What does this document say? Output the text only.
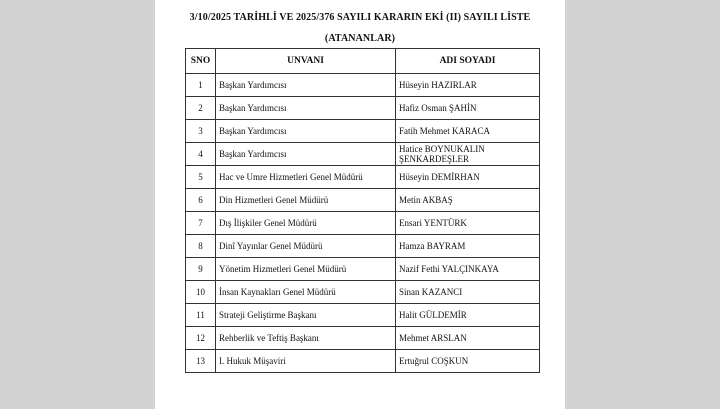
3/10/2025 TARİHLİ VE 2025/376 SAYILI KARARIN EKİ (II) SAYILI LİSTE
(ATANANLAR)
SNO	UNVANI	ADI SOYADI
1	Başkan Yardımcısı	Hüseyin HAZIRLAR
2	Başkan Yardımcısı	Hafiz Osman ŞAHİN
3	Başkan Yardımcısı	Fatih Mehmet KARACA
4	Başkan Yardımcısı	Hatice BOYNUKALIN ŞENKARDEŞLER
5	Hac ve Umre Hizmetleri Genel Müdürü	Hüseyin DEMİRHAN
6	Din Hizmetleri Genel Müdürü	Metin AKBAŞ
7	Dış İlişkiler Genel Müdürü	Ensari YENTÜRK
8	Dinî Yayınlar Genel Müdürü	Hamza BAYRAM
9	Yönetim Hizmetleri Genel Müdürü	Nazif Fethi YALÇINKAYA
10	İnsan Kaynakları Genel Müdürü	Sinan KAZANCI
11	Strateji Geliştirme Başkanı	Halit GÜLDEMİR
12	Rehberlik ve Teftiş Başkanı	Mehmet ARSLAN
13	I. Hukuk Müşaviri	Ertuğrul COŞKUN
